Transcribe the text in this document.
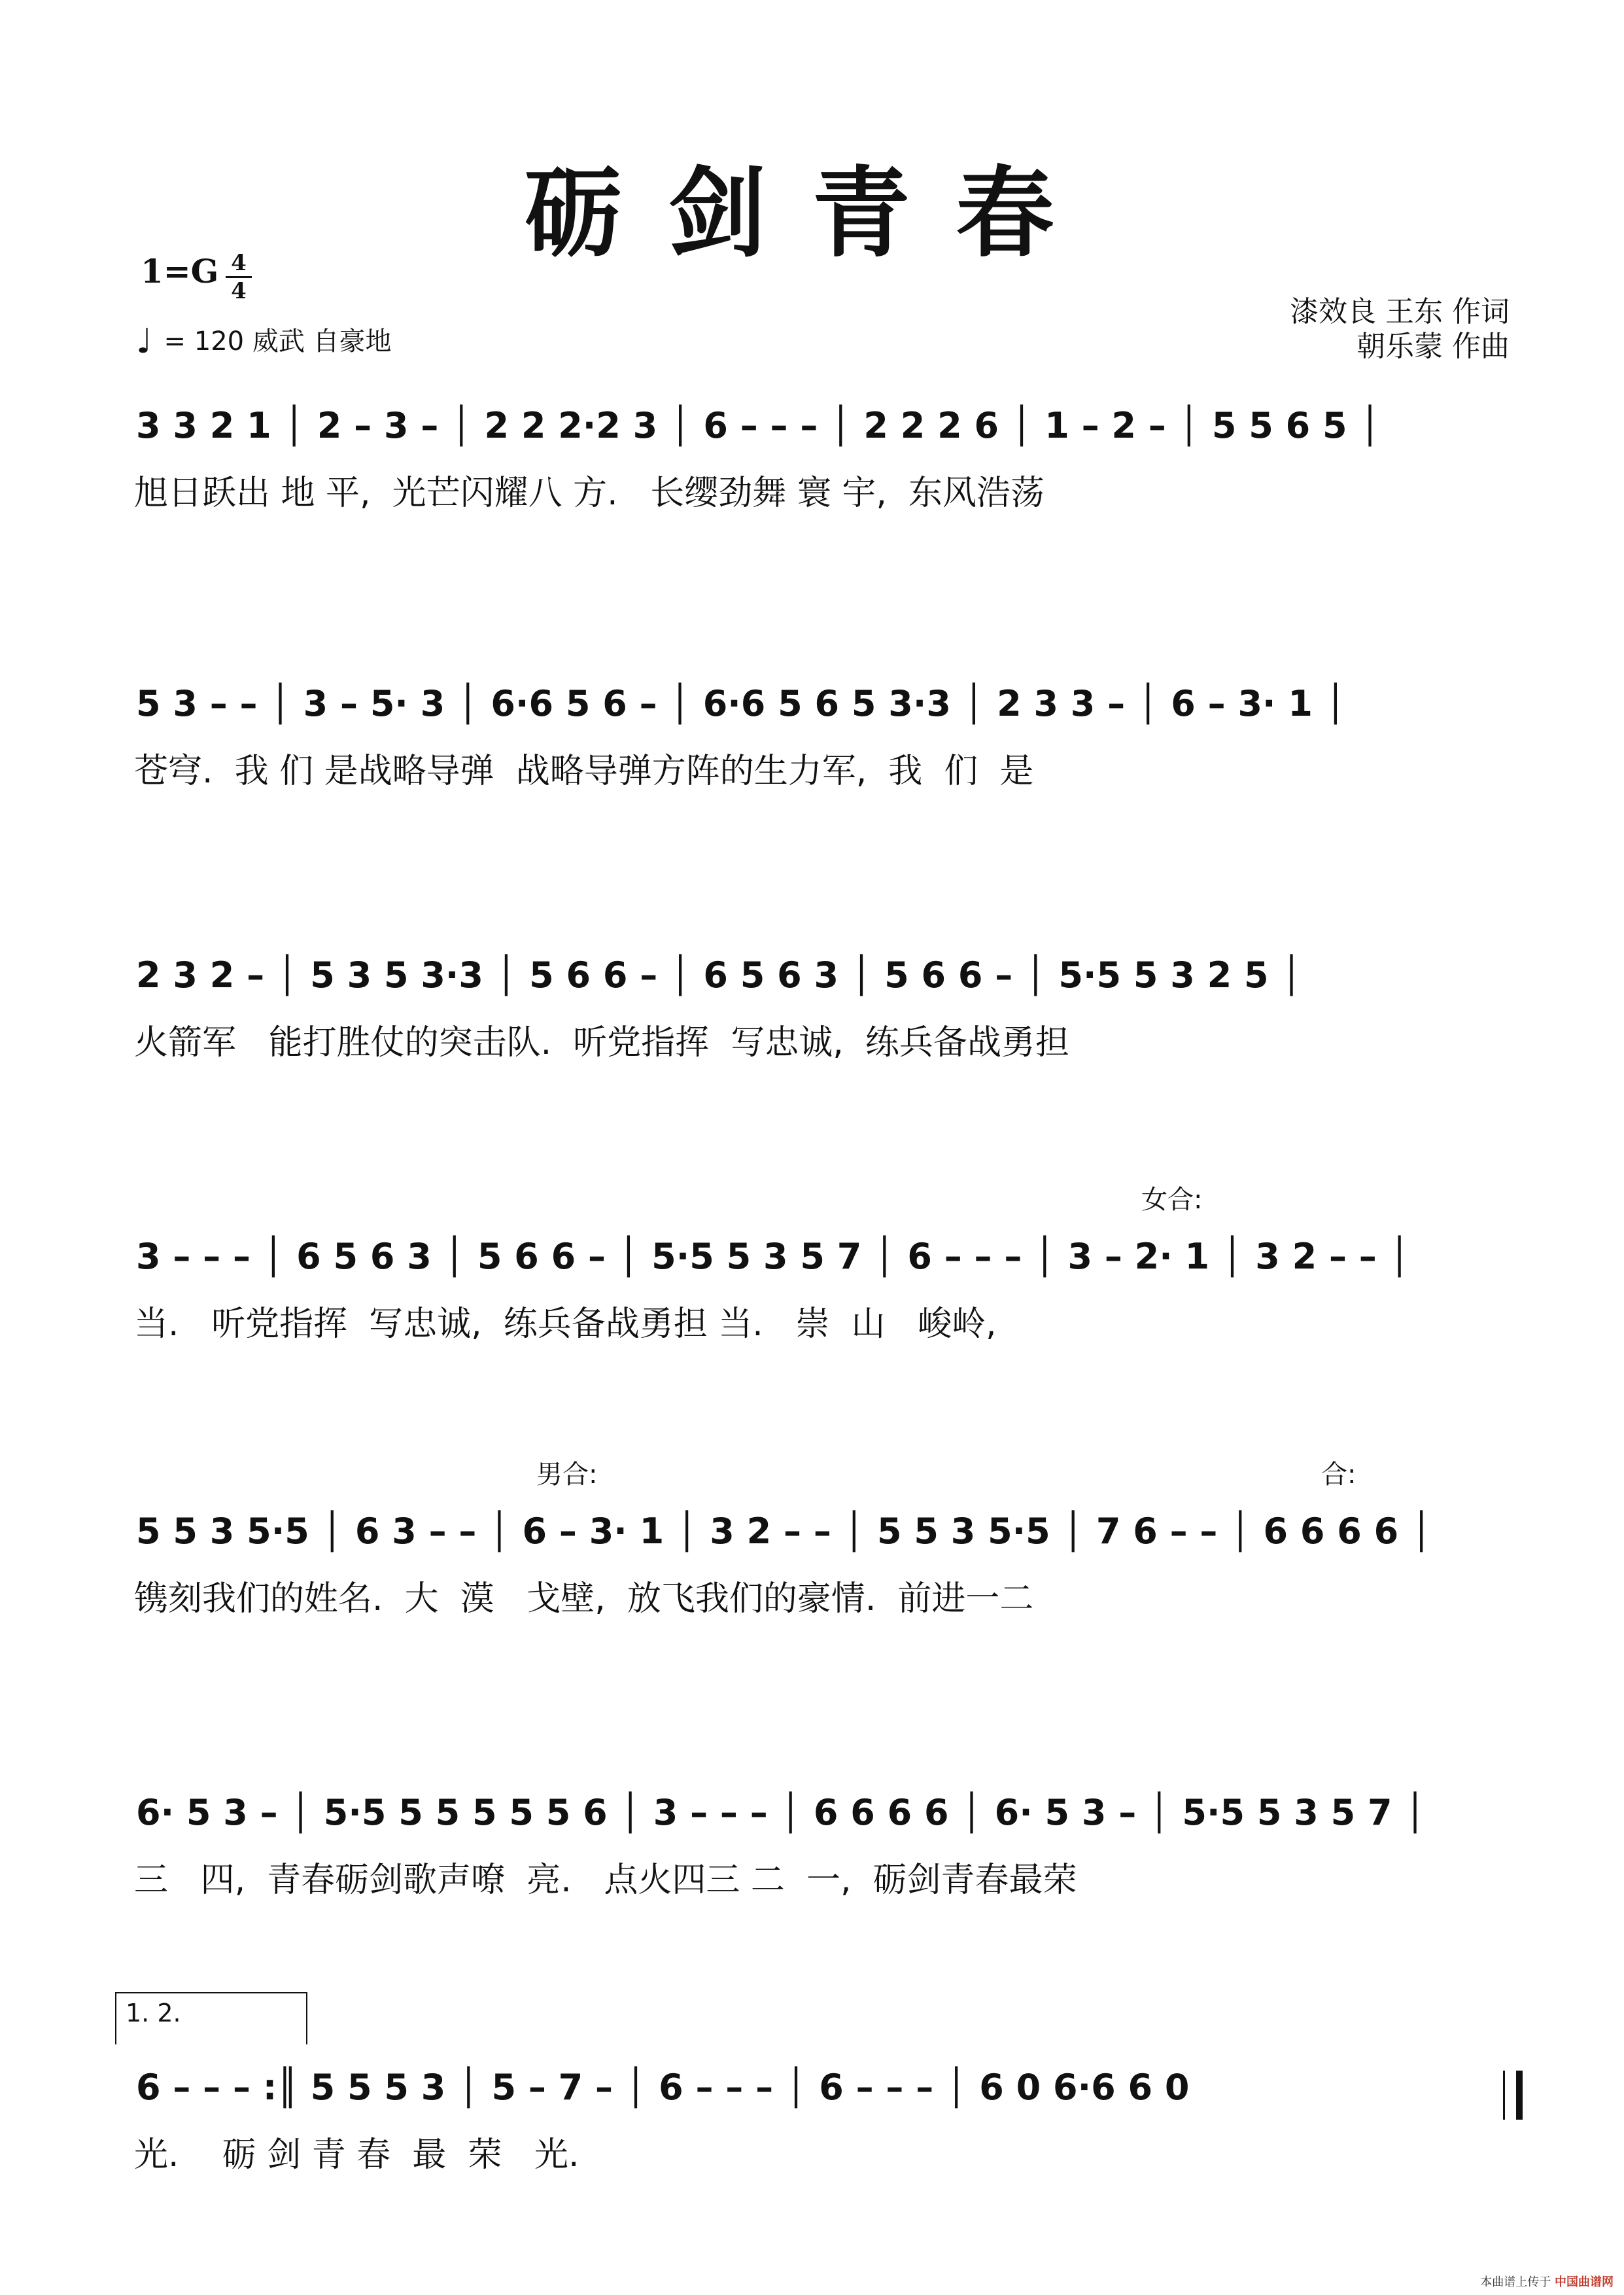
砺剑青春
1=G 4
4
♩ = 120 威武 自豪地
漆效良 王东 作词
朝乐蒙 作曲
3 3 2 1 │ 2 – 3 – │ 2 2 2·2 3 │ 6 – – – │ 2 2 2 6 │ 1 – 2 – │ 5 5 6 5 │
旭日跃出 地 平,  光芒闪耀八 方.   长缨劲舞 寰 宇,  东风浩荡
5 3 – – │ 3 – 5· 3 │ 6·6 5 6 – │ 6·6 5 6 5 3·3 │ 2 3 3 – │ 6 – 3· 1 │
苍穹.  我 们 是战略导弹  战略导弹方阵的生力军,  我  们  是
2 3 2 – │ 5 3 5 3·3 │ 5 6 6 – │ 6 5 6 3 │ 5 6 6 – │ 5·5 5 3 2 5 │
火箭军   能打胜仗的突击队.  听党指挥  写忠诚,  练兵备战勇担
女合:
3 – – – │ 6 5 6 3 │ 5 6 6 – │ 5·5 5 3 5 7 │ 6 – – – │ 3 – 2· 1 │ 3 2 – – │
当.   听党指挥  写忠诚,  练兵备战勇担 当.   崇  山   峻岭,
男合:	合:
5 5 3 5·5 │ 6 3 – – │ 6 – 3· 1 │ 3 2 – – │ 5 5 3 5·5 │ 7 6 – – │ 6 6 6 6 │
镌刻我们的姓名.  大  漠   戈壁,  放飞我们的豪情.  前进一二
6· 5 3 – │ 5·5 5 5 5 5 5 6 │ 3 – – – │ 6 6 6 6 │ 6· 5 3 – │ 5·5 5 3 5 7 │
三   四,  青春砺剑歌声嘹  亮.   点火四三 二  一,  砺剑青春最荣
1. 2.
6 – – – :║ 5 5 5 3 │ 5 – 7 – │ 6 – – – │ 6 – – – │ 6 0 6·6 6 0
光.    砺 剑 青 春  最  荣   光.
本曲谱上传于 中国曲谱网
